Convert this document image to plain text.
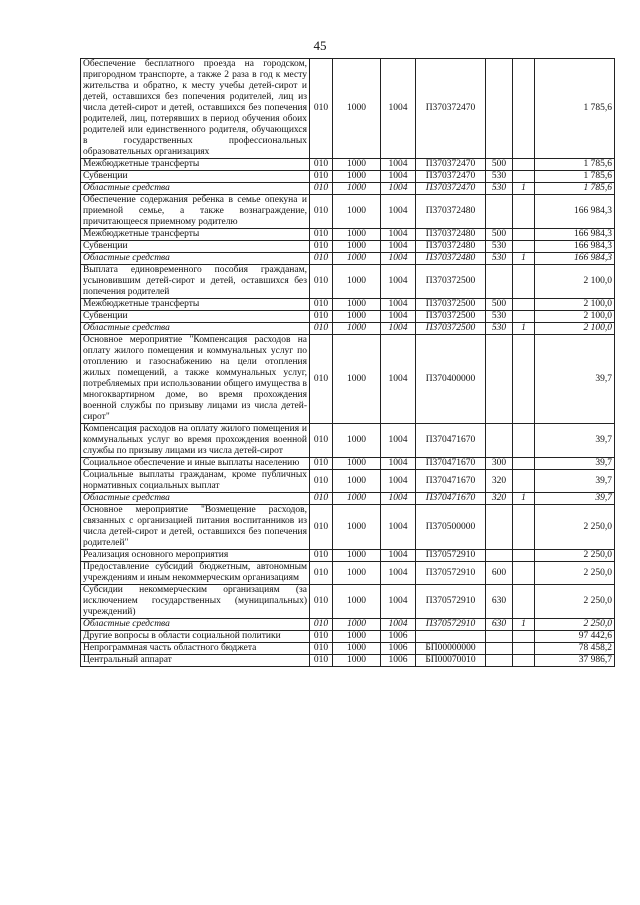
45
Обеспечение бесплатного проезда на городском, пригородном транспорте, а также 2 раза в год к месту жительства и обратно, к месту учебы детей-сирот и детей, оставшихся без попечения родителей, лиц из числа детей-сирот и детей, оставшихся без попечения родителей, лиц, потерявших в период обучения обоих родителей или единственного родителя, обучающихся в государственных профессиональных образовательных организациях	010	1000	1004	П370372470			1 785,6
Межбюджетные трансферты	010	1000	1004	П370372470	500		1 785,6
Субвенции	010	1000	1004	П370372470	530		1 785,6
Областные средства	010	1000	1004	П370372470	530	1	1 785,6
Обеспечение содержания ребенка в семье опекуна и приемной семье, а также вознаграждение, причитающееся приемному родителю	010	1000	1004	П370372480			166 984,3
Межбюджетные трансферты	010	1000	1004	П370372480	500		166 984,3
Субвенции	010	1000	1004	П370372480	530		166 984,3
Областные средства	010	1000	1004	П370372480	530	1	166 984,3
Выплата единовременного пособия гражданам, усыновившим детей-сирот и детей, оставшихся без попечения родителей	010	1000	1004	П370372500			2 100,0
Межбюджетные трансферты	010	1000	1004	П370372500	500		2 100,0
Субвенции	010	1000	1004	П370372500	530		2 100,0
Областные средства	010	1000	1004	П370372500	530	1	2 100,0
Основное мероприятие "Компенсация расходов на оплату жилого помещения и коммунальных услуг по отоплению и газоснабжению на цели отопления жилых помещений, а также коммунальных услуг, потребляемых при использовании общего имущества в многоквартирном доме, во время прохождения военной службы по призыву лицами из числа детей-сирот"	010	1000	1004	П370400000			39,7
Компенсация расходов на оплату жилого помещения и коммунальных услуг во время прохождения военной службы по призыву лицами из числа детей-сирот	010	1000	1004	П370471670			39,7
Социальное обеспечение и иные выплаты населению	010	1000	1004	П370471670	300		39,7
Социальные выплаты гражданам, кроме публичных нормативных социальных выплат	010	1000	1004	П370471670	320		39,7
Областные средства	010	1000	1004	П370471670	320	1	39,7
Основное мероприятие "Возмещение расходов, связанных с организацией питания воспитанников из числа детей-сирот и детей, оставшихся без попечения родителей"	010	1000	1004	П370500000			2 250,0
Реализация основного мероприятия	010	1000	1004	П370572910			2 250,0
Предоставление субсидий бюджетным, автономным учреждениям и иным некоммерческим организациям	010	1000	1004	П370572910	600		2 250,0
Субсидии некоммерческим организациям (за исключением государственных (муниципальных) учреждений)	010	1000	1004	П370572910	630		2 250,0
Областные средства	010	1000	1004	П370572910	630	1	2 250,0
Другие вопросы в области социальной политики	010	1000	1006				97 442,6
Непрограммная часть областного бюджета	010	1000	1006	БП00000000			78 458,2
Центральный аппарат	010	1000	1006	БП00070010			37 986,7
